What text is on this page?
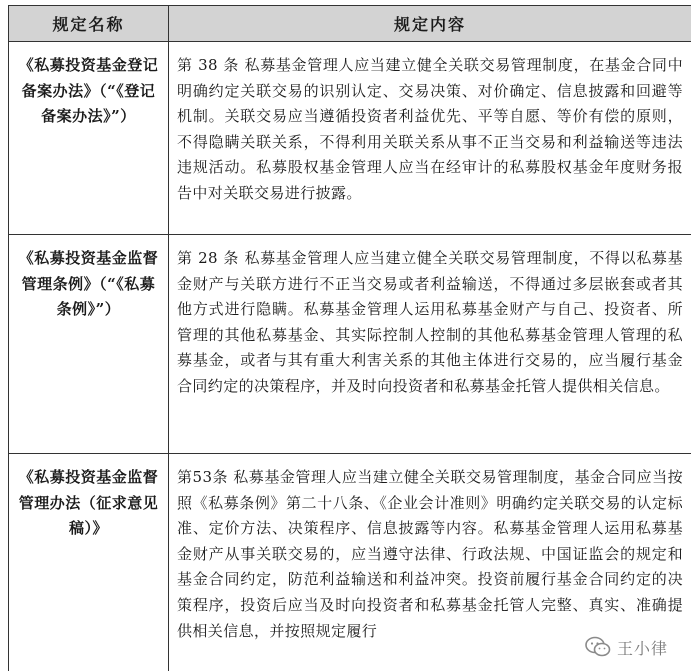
规定名称	规定内容
《私募投资基金登记备案办法》（“《登记备案办法》”）	第 38 条 私募基金管理人应当建立健全关联交易管理制度，在基金合同中明确约定关联交易的识别认定、交易决策、对价确定、信息披露和回避等机制。关联交易应当遵循投资者利益优先、平等自愿、等价有偿的原则，不得隐瞒关联关系，不得利用关联关系从事不正当交易和利益输送等违法违规活动。私募股权基金管理人应当在经审计的私募股权基金年度财务报告中对关联交易进行披露。
《私募投资基金监督管理条例》（“《私募条例》”）	第 28 条 私募基金管理人应当建立健全关联交易管理制度，不得以私募基金财产与关联方进行不正当交易或者利益输送，不得通过多层嵌套或者其他方式进行隐瞒。私募基金管理人运用私募基金财产与自己、投资者、所管理的其他私募基金、其实际控制人控制的其他私募基金管理人管理的私募基金，或者与其有重大利害关系的其他主体进行交易的，应当履行基金合同约定的决策程序，并及时向投资者和私募基金托管人提供相关信息。
《私募投资基金监督管理办法（征求意见稿）》	第53条 私募基金管理人应当建立健全关联交易管理制度，基金合同应当按照《私募条例》第二十八条、《企业会计准则》明确约定关联交易的认定标准、定价方法、决策程序、信息披露等内容。私募基金管理人运用私募基金财产从事关联交易的，应当遵守法律、行政法规、中国证监会的规定和基金合同约定，防范利益输送和利益冲突。投资前履行基金合同约定的决策程序，投资后应当及时向投资者和私募基金托管人完整、真实、准确提供相关信息，并按照规定履行
王小律
